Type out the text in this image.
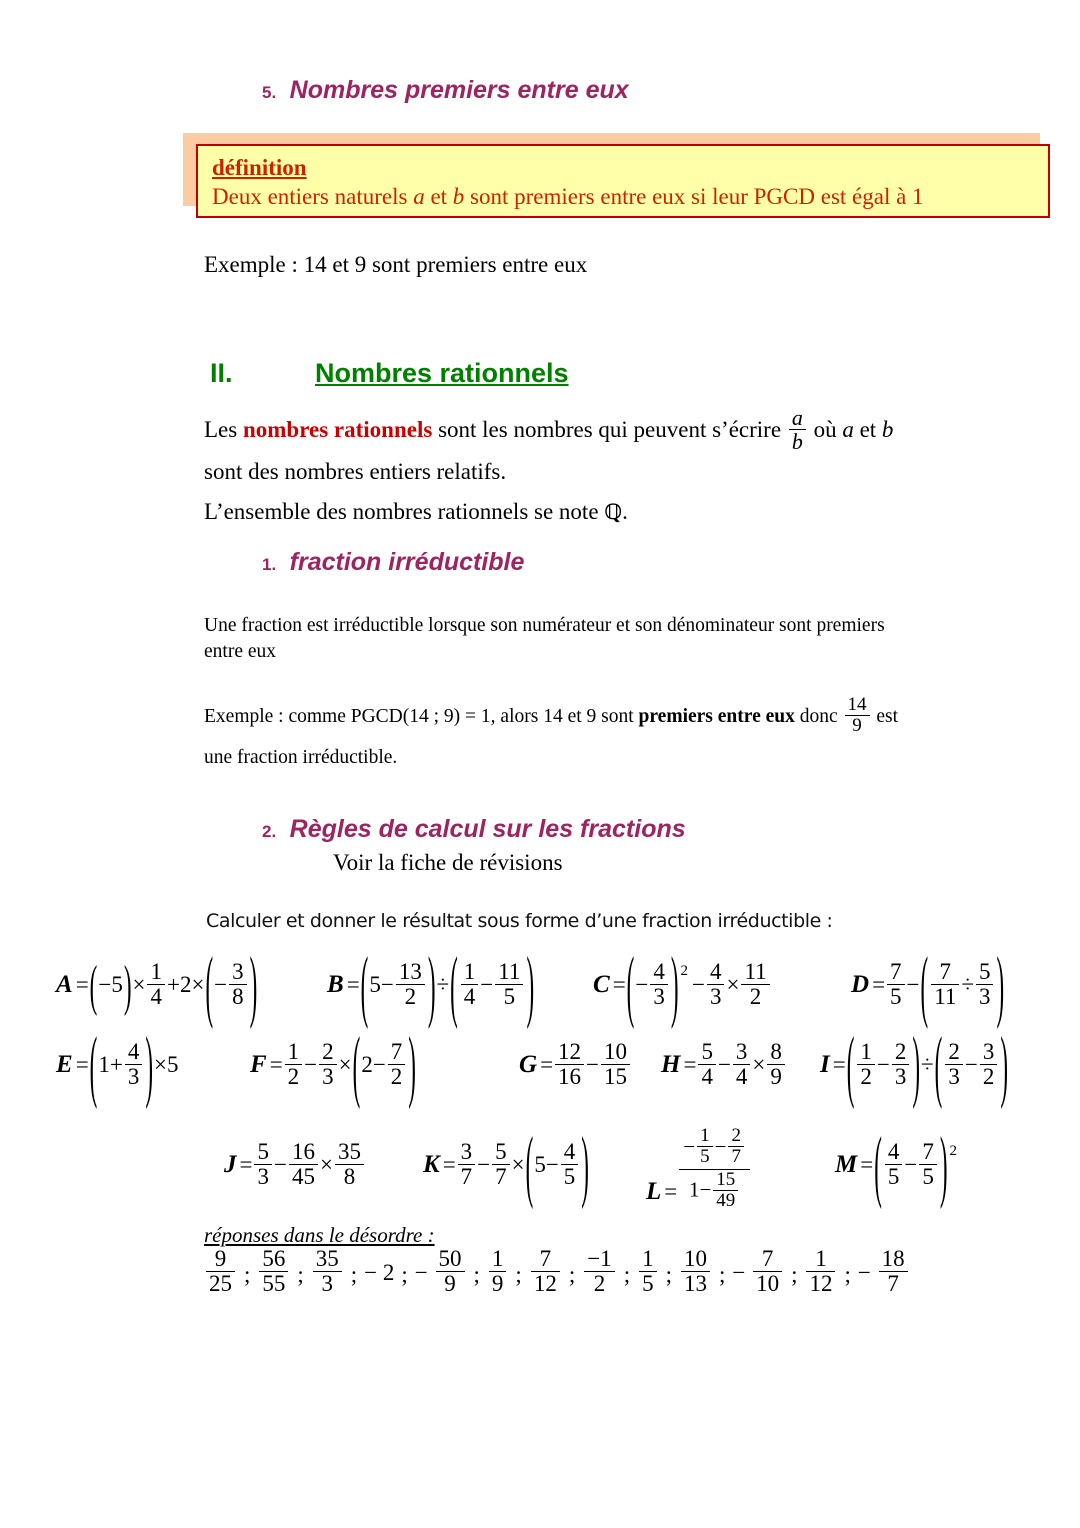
5. Nombres premiers entre eux
définition
Deux entiers naturels a et b sont premiers entre eux si leur PGCD est égal à 1
Exemple : 14 et 9 sont premiers entre eux
II.	Nombres rationnels
Les nombres rationnels sont les nombres qui peuvent s’écrire $\frac{a}{b}$ où a et b
sont des nombres entiers relatifs.
L’ensemble des nombres rationnels se note ℚ.
1. fraction irréductible
Une fraction est irréductible lorsque son numérateur et son dénominateur sont premiers
entre eux
Exemple : comme PGCD(14 ; 9) = 1, alors 14 et 9 sont premiers entre eux donc $\frac{14}{9}$ est
une fraction irréductible.
2. Règles de calcul sur les fractions
Voir la fiche de révisions
Calculer et donner le résultat sous forme d’une fraction irréductible :
$A =(-5)\times \frac{1}{4} +2\times(- \frac{3}{8}$ )	$B =(5- \frac{13}{2}$ )÷( $\frac{1}{4} - \frac{11}{5}$ ) C =(− $\frac{4}{3}$ ) $^2- \frac{4}{3} \times \frac{11}{2}$	$D = \frac{7}{5}$ −( $\frac{7}{11} \div \frac{5}{3}$ )
$E =(1+ \frac{4}{3} )\times 5$	$F = \frac{1}{2} - \frac{2}{3} \times(2- \frac{7}{2}$ )	$G = \frac{12}{16} - \frac{10}{15}$ $H = \frac{5}{4} - \frac{3}{4} \times \frac{8}{9}$ I =( $\frac{1}{2} - \frac{2}{3}$ )÷( $\frac{2}{3} - \frac{3}{2}$ )
$J = \frac{5}{3} - \frac{16}{45} \times \frac{35}{8}$ $K = \frac{3}{7} - \frac{5}{7} \times(5- \frac{4}{5}$ ) $L = \frac{- \frac{1}{5} - \frac{2}{7}}{1- \frac{15}{49}}$	M =( $\frac{4}{5} - \frac{7}{5}$ ) $^2$
réponses dans le désordre :
$\frac{9}{25}$ ; $\frac{56}{55}$ ; $\frac{35}{3}$ ; − 2 ; − $\frac{50}{9}$ ; $\frac{1}{9}$ ; $\frac{7}{12}$ ; $\frac{-1}{2}$ ; $\frac{1}{5}$ ; $\frac{10}{13}$ ; − $\frac{7}{10}$ ; $\frac{1}{12}$ ; − $\frac{18}{7}$
